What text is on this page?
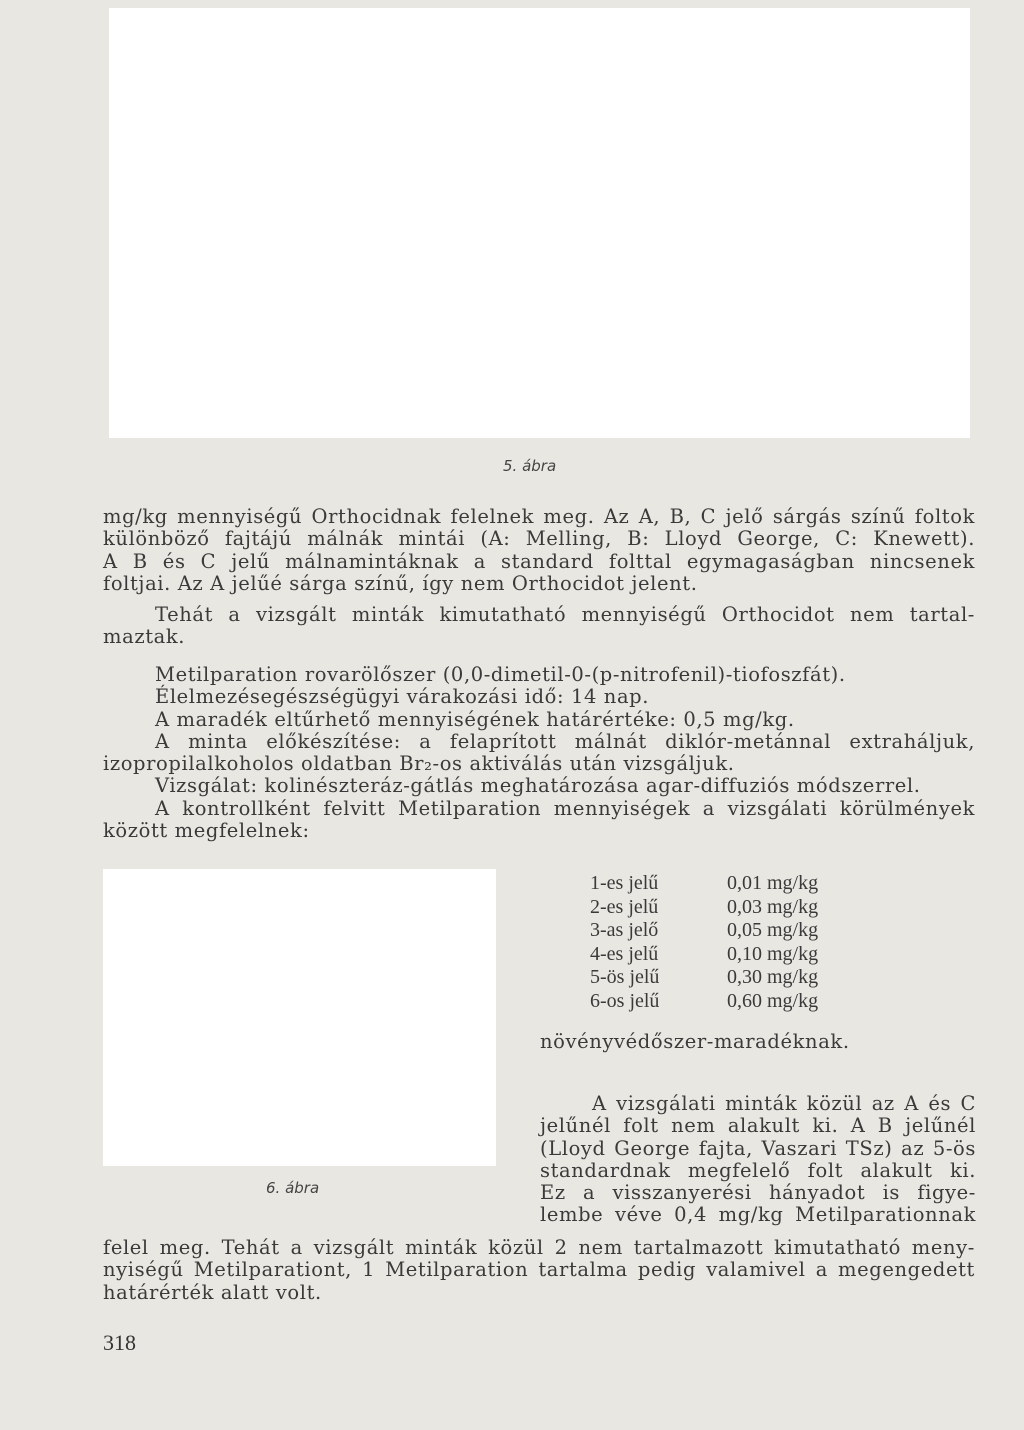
5. ábra
mg/kg mennyiségű Orthocidnak felelnek meg. Az A, B, C jelő sárgás színű foltok
különböző fajtájú málnák mintái (A: Melling, B: Lloyd George, C: Knewett).
A B és C jelű málnamintáknak a standard folttal egymagaságban nincsenek
foltjai. Az A jelűé sárga színű, így nem Orthocidot jelent.
Tehát a vizsgált minták kimutatható mennyiségű Orthocidot nem tartal-
maztak.
Metilparation rovarölőszer (0,0-dimetil-0-(p-nitrofenil)-tiofoszfát).
Élelmezésegészségügyi várakozási idő: 14 nap.
A maradék eltűrhető mennyiségének határértéke: 0,5 mg/kg.
A minta előkészítése: a felaprított málnát diklór-metánnal extraháljuk,
izopropilalkoholos oldatban Br₂-os aktiválás után vizsgáljuk.
Vizsgálat: kolinészteráz-gátlás meghatározása agar-diffuziós módszerrel.
A kontrollként felvitt Metilparation mennyiségek a vizsgálati körülmények
között megfelelnek:
6. ábra
1-es jelű	0,01 mg/kg
2-es jelű	0,03 mg/kg
3-as jelő	0,05 mg/kg
4-es jelű	0,10 mg/kg
5-ös jelű	0,30 mg/kg
6-os jelű	0,60 mg/kg
növényvédőszer-maradéknak.
A vizsgálati minták közül az A és C
jelűnél folt nem alakult ki. A B jelűnél
(Lloyd George fajta, Vaszari TSz) az 5-ös
standardnak megfelelő folt alakult ki.
Ez a visszanyerési hányadot is figye-
lembe véve 0,4 mg/kg Metilparationnak
felel meg. Tehát a vizsgált minták közül 2 nem tartalmazott kimutatható meny-
nyiségű Metilparationt, 1 Metilparation tartalma pedig valamivel a megengedett
határérték alatt volt.
318
